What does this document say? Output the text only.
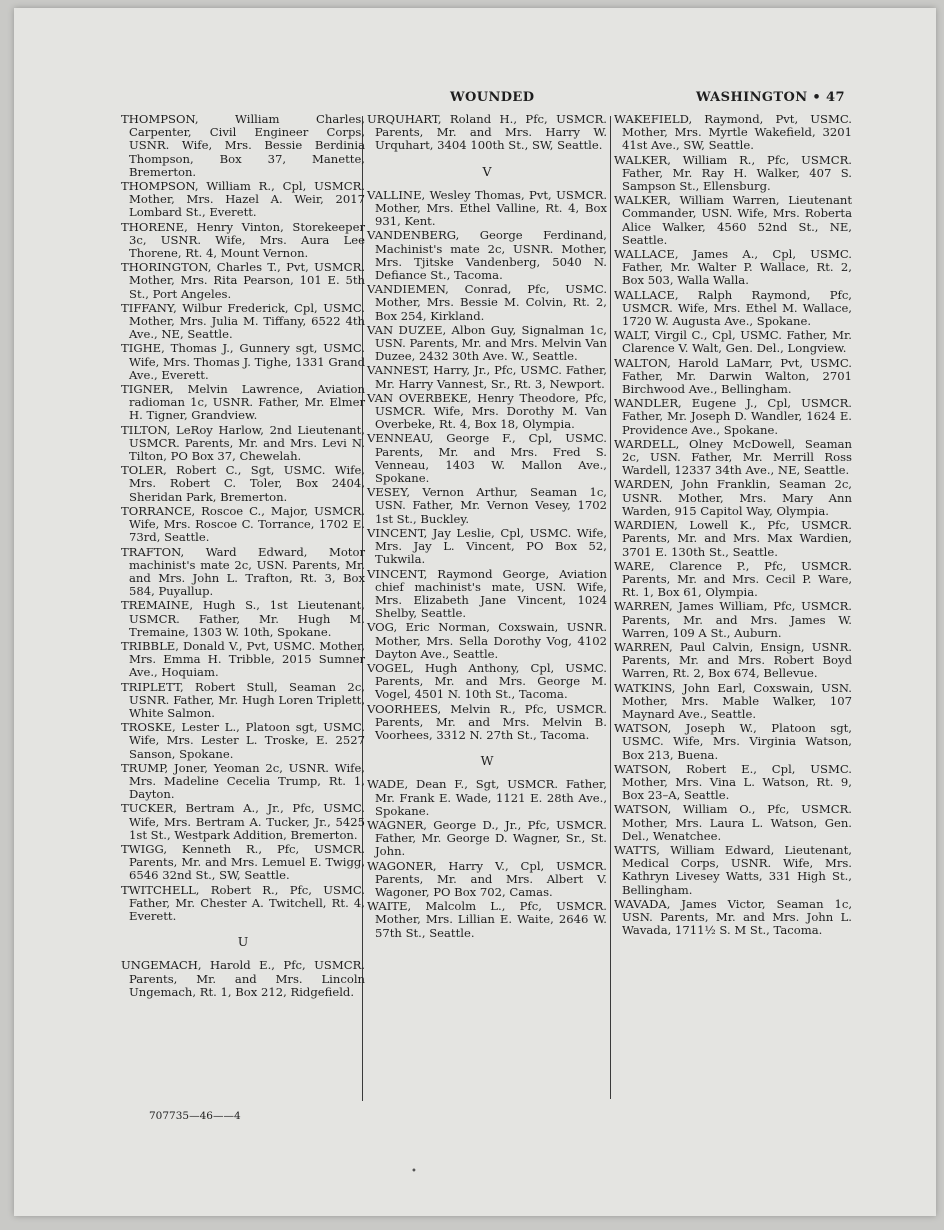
WOUNDED	WASHINGTON • 47
THOMPSON, William Charles, Carpenter, Civil Engineer Corps, USNR. Wife, Mrs. Bessie Berdinia Thompson, Box 37, Manette, Bremerton.
THOMPSON, William R., Cpl, USMCR. Mother, Mrs. Hazel A. Weir, 2017 Lombard St., Everett.
THORENE, Henry Vinton, Storekeeper 3c, USNR. Wife, Mrs. Aura Lee Thorene, Rt. 4, Mount Vernon.
THORINGTON, Charles T., Pvt, USMCR. Mother, Mrs. Rita Pearson, 101 E. 5th St., Port Angeles.
TIFFANY, Wilbur Frederick, Cpl, USMC. Mother, Mrs. Julia M. Tiffany, 6522 4th Ave., NE, Seattle.
TIGHE, Thomas J., Gunnery sgt, USMC. Wife, Mrs. Thomas J. Tighe, 1331 Grand Ave., Everett.
TIGNER, Melvin Lawrence, Aviation radioman 1c, USNR. Father, Mr. Elmer H. Tigner, Grandview.
TILTON, LeRoy Harlow, 2nd Lieutenant, USMCR. Parents, Mr. and Mrs. Levi N. Tilton, PO Box 37, Chewelah.
TOLER, Robert C., Sgt, USMC. Wife, Mrs. Robert C. Toler, Box 2404, Sheridan Park, Bremerton.
TORRANCE, Roscoe C., Major, USMCR. Wife, Mrs. Roscoe C. Torrance, 1702 E. 73rd, Seattle.
TRAFTON, Ward Edward, Motor machinist's mate 2c, USN. Parents, Mr. and Mrs. John L. Trafton, Rt. 3, Box 584, Puyallup.
TREMAINE, Hugh S., 1st Lieutenant, USMCR. Father, Mr. Hugh M. Tremaine, 1303 W. 10th, Spokane.
TRIBBLE, Donald V., Pvt, USMC. Mother, Mrs. Emma H. Tribble, 2015 Sumner Ave., Hoquiam.
TRIPLETT, Robert Stull, Seaman 2c, USNR. Father, Mr. Hugh Loren Triplett, White Salmon.
TROSKE, Lester L., Platoon sgt, USMC. Wife, Mrs. Lester L. Troske, E. 2527 Sanson, Spokane.
TRUMP, Joner, Yeoman 2c, USNR. Wife, Mrs. Madeline Cecelia Trump, Rt. 1, Dayton.
TUCKER, Bertram A., Jr., Pfc, USMC. Wife, Mrs. Bertram A. Tucker, Jr., 5425 1st St., Westpark Addition, Bremerton.
TWIGG, Kenneth R., Pfc, USMCR. Parents, Mr. and Mrs. Lemuel E. Twigg, 6546 32nd St., SW, Seattle.
TWITCHELL, Robert R., Pfc, USMC. Father, Mr. Chester A. Twitchell, Rt. 4, Everett.
U
UNGEMACH, Harold E., Pfc, USMCR. Parents, Mr. and Mrs. Lincoln Ungemach, Rt. 1, Box 212, Ridgefield.
URQUHART, Roland H., Pfc, USMCR. Parents, Mr. and Mrs. Harry W. Urquhart, 3404 100th St., SW, Seattle.
V
VALLINE, Wesley Thomas, Pvt, USMCR. Mother, Mrs. Ethel Valline, Rt. 4, Box 931, Kent.
VANDENBERG, George Ferdinand, Machinist's mate 2c, USNR. Mother, Mrs. Tjitske Vandenberg, 5040 N. Defiance St., Tacoma.
VANDIEMEN, Conrad, Pfc, USMC. Mother, Mrs. Bessie M. Colvin, Rt. 2, Box 254, Kirkland.
VAN DUZEE, Albon Guy, Signalman 1c, USN. Parents, Mr. and Mrs. Melvin Van Duzee, 2432 30th Ave. W., Seattle.
VANNEST, Harry, Jr., Pfc, USMC. Father, Mr. Harry Vannest, Sr., Rt. 3, Newport.
VAN OVERBEKE, Henry Theodore, Pfc, USMCR. Wife, Mrs. Dorothy M. Van Overbeke, Rt. 4, Box 18, Olympia.
VENNEAU, George F., Cpl, USMC. Parents, Mr. and Mrs. Fred S. Venneau, 1403 W. Mallon Ave., Spokane.
VESEY, Vernon Arthur, Seaman 1c, USN. Father, Mr. Vernon Vesey, 1702 1st St., Buckley.
VINCENT, Jay Leslie, Cpl, USMC. Wife, Mrs. Jay L. Vincent, PO Box 52, Tukwila.
VINCENT, Raymond George, Aviation chief machinist's mate, USN. Wife, Mrs. Elizabeth Jane Vincent, 1024 Shelby, Seattle.
VOG, Eric Norman, Coxswain, USNR. Mother, Mrs. Sella Dorothy Vog, 4102 Dayton Ave., Seattle.
VOGEL, Hugh Anthony, Cpl, USMC. Parents, Mr. and Mrs. George M. Vogel, 4501 N. 10th St., Tacoma.
VOORHEES, Melvin R., Pfc, USMCR. Parents, Mr. and Mrs. Melvin B. Voorhees, 3312 N. 27th St., Tacoma.
W
WADE, Dean F., Sgt, USMCR. Father, Mr. Frank E. Wade, 1121 E. 28th Ave., Spokane.
WAGNER, George D., Jr., Pfc, USMCR. Father, Mr. George D. Wagner, Sr., St. John.
WAGONER, Harry V., Cpl, USMCR. Parents, Mr. and Mrs. Albert V. Wagoner, PO Box 702, Camas.
WAITE, Malcolm L., Pfc, USMCR. Mother, Mrs. Lillian E. Waite, 2646 W. 57th St., Seattle.
WAKEFIELD, Raymond, Pvt, USMC. Mother, Mrs. Myrtle Wakefield, 3201 41st Ave., SW, Seattle.
WALKER, William R., Pfc, USMCR. Father, Mr. Ray H. Walker, 407 S. Sampson St., Ellensburg.
WALKER, William Warren, Lieutenant Commander, USN. Wife, Mrs. Roberta Alice Walker, 4560 52nd St., NE, Seattle.
WALLACE, James A., Cpl, USMC. Father, Mr. Walter P. Wallace, Rt. 2, Box 503, Walla Walla.
WALLACE, Ralph Raymond, Pfc, USMCR. Wife, Mrs. Ethel M. Wallace, 1720 W. Augusta Ave., Spokane.
WALT, Virgil C., Cpl, USMC. Father, Mr. Clarence V. Walt, Gen. Del., Longview.
WALTON, Harold LaMarr, Pvt, USMC. Father, Mr. Darwin Walton, 2701 Birchwood Ave., Bellingham.
WANDLER, Eugene J., Cpl, USMCR. Father, Mr. Joseph D. Wandler, 1624 E. Providence Ave., Spokane.
WARDELL, Olney McDowell, Seaman 2c, USN. Father, Mr. Merrill Ross Wardell, 12337 34th Ave., NE, Seattle.
WARDEN, John Franklin, Seaman 2c, USNR. Mother, Mrs. Mary Ann Warden, 915 Capitol Way, Olympia.
WARDIEN, Lowell K., Pfc, USMCR. Parents, Mr. and Mrs. Max Wardien, 3701 E. 130th St., Seattle.
WARE, Clarence P., Pfc, USMCR. Parents, Mr. and Mrs. Cecil P. Ware, Rt. 1, Box 61, Olympia.
WARREN, James William, Pfc, USMCR. Parents, Mr. and Mrs. James W. Warren, 109 A St., Auburn.
WARREN, Paul Calvin, Ensign, USNR. Parents, Mr. and Mrs. Robert Boyd Warren, Rt. 2, Box 674, Bellevue.
WATKINS, John Earl, Coxswain, USN. Mother, Mrs. Mable Walker, 107 Maynard Ave., Seattle.
WATSON, Joseph W., Platoon sgt, USMC. Wife, Mrs. Virginia Watson, Box 213, Buena.
WATSON, Robert E., Cpl, USMC. Mother, Mrs. Vina L. Watson, Rt. 9, Box 23–A, Seattle.
WATSON, William O., Pfc, USMCR. Mother, Mrs. Laura L. Watson, Gen. Del., Wenatchee.
WATTS, William Edward, Lieutenant, Medical Corps, USNR. Wife, Mrs. Kathryn Livesey Watts, 331 High St., Bellingham.
WAVADA, James Victor, Seaman 1c, USN. Parents, Mr. and Mrs. John L. Wavada, 1711½ S. M St., Tacoma.
707735—46——4
•
